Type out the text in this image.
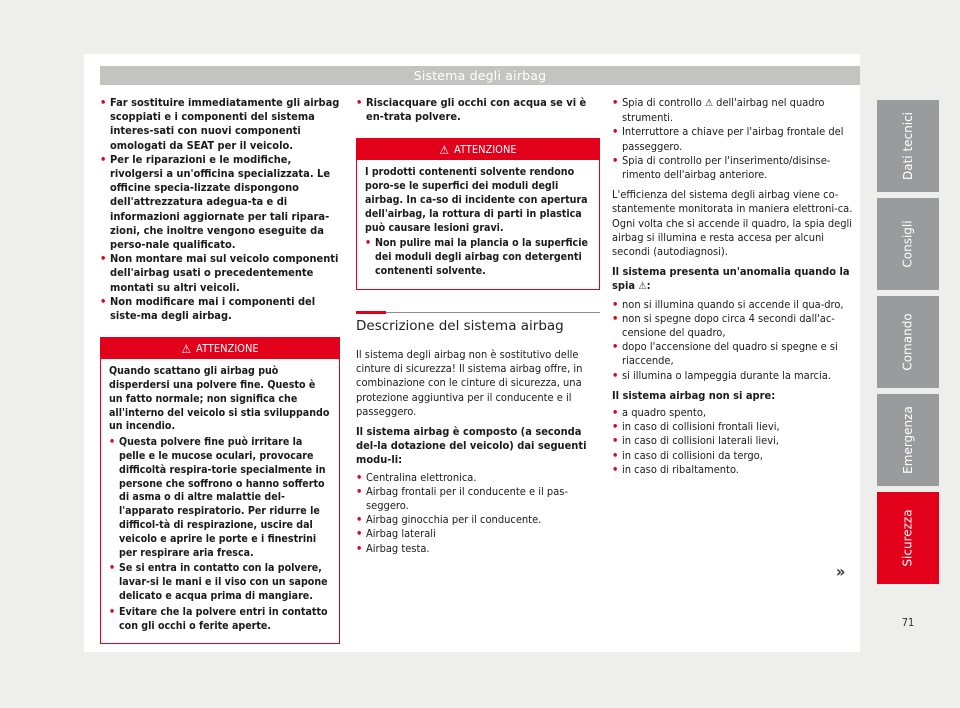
Sistema degli airbag

• Far sostituire immediatamente gli airbag scoppiati e i componenti del sistema interes-sati con nuovi componenti omologati da SEAT per il veicolo.

• Per le riparazioni e le modifiche, rivolgersi a un'officina specializzata. Le officine specia-lizzate dispongono dell'attrezzatura adegua-ta e di informazioni aggiornate per tali ripara-zioni, che inoltre vengono eseguite da perso-nale qualificato.

• Non montare mai sul veicolo componenti dell'airbag usati o precedentemente montati su altri veicoli.

• Non modificare mai i componenti del siste-ma degli airbag.

⚠ ATTENZIONE

Quando scattano gli airbag può disperdersi una polvere fine. Questo è un fatto normale; non significa che all'interno del veicolo si stia sviluppando un incendio.

• Questa polvere fine può irritare la pelle e le mucose oculari, provocare difficoltà respira-torie specialmente in persone che soffrono o hanno sofferto di asma o di altre malattie del-l'apparato respiratorio. Per ridurre le difficol-tà di respirazione, uscire dal veicolo e aprire le porte e i finestrini per respirare aria fresca.

• Se si entra in contatto con la polvere, lavar-si le mani e il viso con un sapone delicato e acqua prima di mangiare.

• Evitare che la polvere entri in contatto con gli occhi o ferite aperte.

• Risciacquare gli occhi con acqua se vi è en-trata polvere.

⚠ ATTENZIONE

I prodotti contenenti solvente rendono poro-se le superfici dei moduli degli airbag. In ca-so di incidente con apertura dell'airbag, la rottura di parti in plastica può causare lesioni gravi.

• Non pulire mai la plancia o la superficie dei moduli degli airbag con detergenti contenenti solvente.

Descrizione del sistema airbag

Il sistema degli airbag non è sostitutivo delle cinture di sicurezza! Il sistema airbag offre, in combinazione con le cinture di sicurezza, una protezione aggiuntiva per il conducente e il passeggero.

Il sistema airbag è composto (a seconda del-la dotazione del veicolo) dai seguenti modu-li:

• Centralina elettronica.

• Airbag frontali per il conducente e il pas-seggero.

• Airbag ginocchia per il conducente.

• Airbag laterali

• Airbag testa.

• Spia di controllo ⚠ dell'airbag nel quadro strumenti.

• Interruttore a chiave per l'airbag frontale del passeggero.

• Spia di controllo per l'inserimento/disinse-rimento dell'airbag anteriore.

L'efficienza del sistema degli airbag viene co-stantemente monitorata in maniera elettroni-ca. Ogni volta che si accende il quadro, la spia degli airbag si illumina e resta accesa per alcuni secondi (autodiagnosi).

Il sistema presenta un'anomalia quando la spia ⚠:

• non si illumina quando si accende il qua-dro,

• non si spegne dopo circa 4 secondi dall'ac-censione del quadro,

• dopo l'accensione del quadro si spegne e si riaccende,

• si illumina o lampeggia durante la marcia.

Il sistema airbag non si apre:

• a quadro spento,

• in caso di collisioni frontali lievi,

• in caso di collisioni laterali lievi,

• in caso di collisioni da tergo,

• in caso di ribaltamento.

»
Dati tecnici
Consigli
Comando
Emergenza
Sicurezza
71
